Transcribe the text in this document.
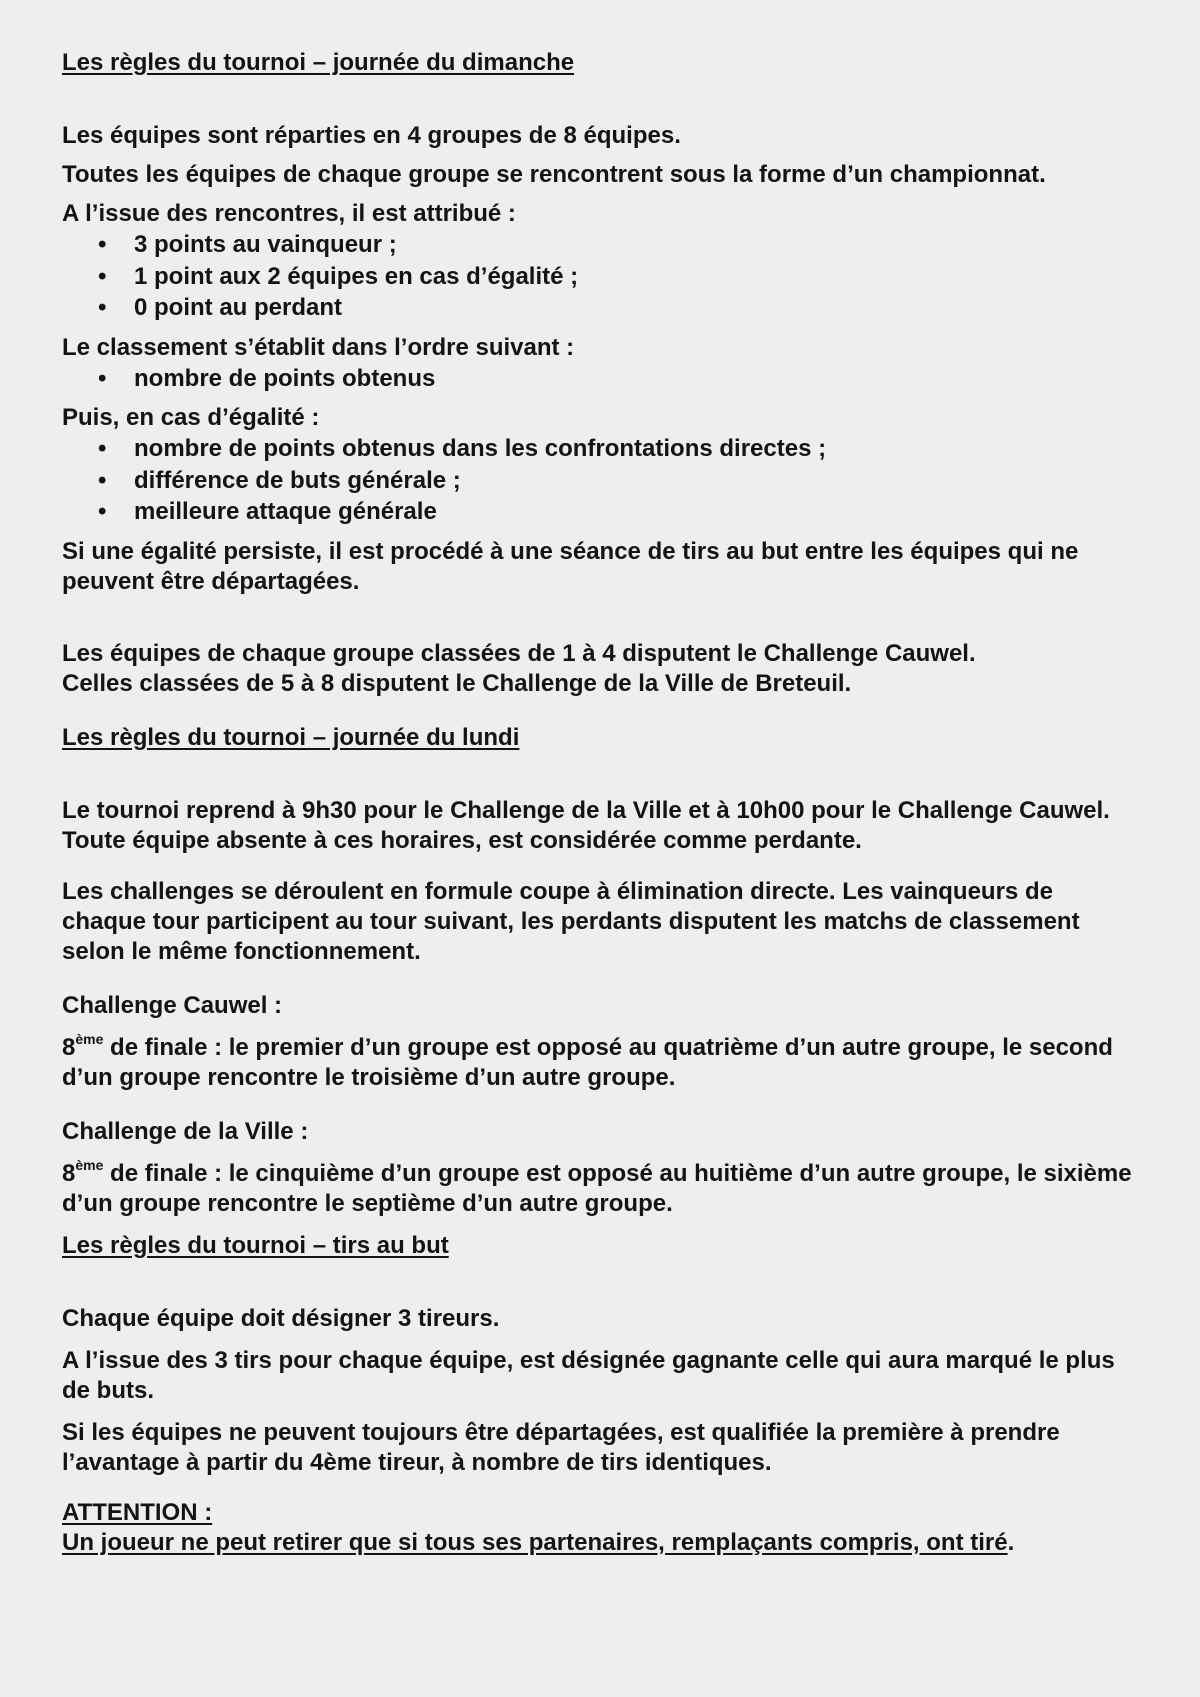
Les règles du tournoi – journée du dimanche

Les équipes sont réparties en 4 groupes de 8 équipes.

Toutes les équipes de chaque groupe se rencontrent sous la forme d’un championnat.

A l’issue des rencontres, il est attribué :

• 3 points au vainqueur ;
• 1 point aux 2 équipes en cas d’égalité ;
• 0 point au perdant

Le classement s’établit dans l’ordre suivant :

• nombre de points obtenus

Puis, en cas d’égalité :

• nombre de points obtenus dans les confrontations directes ;
• différence de buts générale ;
• meilleure attaque générale

Si une égalité persiste, il est procédé à une séance de tirs au but entre les équipes qui ne peuvent être départagées.

Les équipes de chaque groupe classées de 1 à 4 disputent le Challenge Cauwel.

Celles classées de 5 à 8 disputent le Challenge de la Ville de Breteuil.

Les règles du tournoi – journée du lundi

Le tournoi reprend à 9h30 pour le Challenge de la Ville et à 10h00 pour le Challenge Cauwel. Toute équipe absente à ces horaires, est considérée comme perdante.

Les challenges se déroulent en formule coupe à élimination directe. Les vainqueurs de chaque tour participent au tour suivant, les perdants disputent les matchs de classement selon le même fonctionnement.

Challenge Cauwel :

8ème de finale : le premier d’un groupe est opposé au quatrième d’un autre groupe, le second d’un groupe rencontre le troisième d’un autre groupe.

Challenge de la Ville :

8ème de finale : le cinquième d’un groupe est opposé au huitième d’un autre groupe, le sixième d’un groupe rencontre le septième d’un autre groupe.

Les règles du tournoi – tirs au but

Chaque équipe doit désigner 3 tireurs.

A l’issue des 3 tirs pour chaque équipe, est désignée gagnante celle qui aura marqué le plus de buts.

Si les équipes ne peuvent toujours être départagées, est qualifiée la première à prendre l’avantage à partir du 4ème tireur, à nombre de tirs identiques.

ATTENTION :

Un joueur ne peut retirer que si tous ses partenaires, remplaçants compris, ont tiré.
